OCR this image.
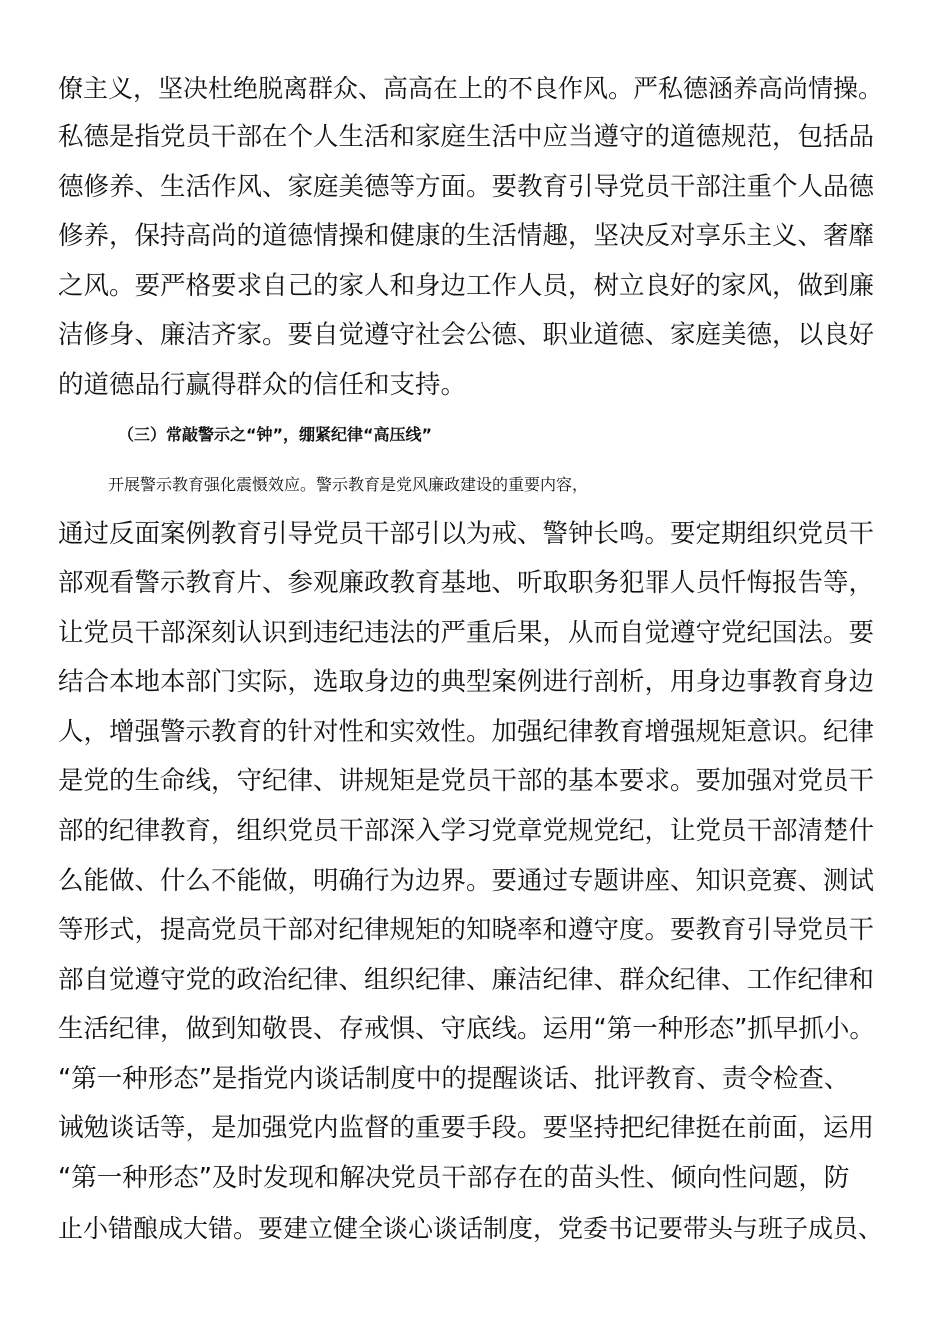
僚主义，坚决杜绝脱离群众、高高在上的不良作风。严私德涵养高尚情操。
私德是指党员干部在个人生活和家庭生活中应当遵守的道德规范，包括品
德修养、生活作风、家庭美德等方面。要教育引导党员干部注重个人品德
修养，保持高尚的道德情操和健康的生活情趣，坚决反对享乐主义、奢靡
之风。要严格要求自己的家人和身边工作人员，树立良好的家风，做到廉
洁修身、廉洁齐家。要自觉遵守社会公德、职业道德、家庭美德，以良好
的道德品行赢得群众的信任和支持。
（三）常敲警示之“钟”，绷紧纪律“高压线”
开展警示教育强化震慑效应。警示教育是党风廉政建设的重要内容，
通过反面案例教育引导党员干部引以为戒、警钟长鸣。要定期组织党员干
部观看警示教育片、参观廉政教育基地、听取职务犯罪人员忏悔报告等，
让党员干部深刻认识到违纪违法的严重后果，从而自觉遵守党纪国法。要
结合本地本部门实际，选取身边的典型案例进行剖析，用身边事教育身边
人，增强警示教育的针对性和实效性。加强纪律教育增强规矩意识。纪律
是党的生命线，守纪律、讲规矩是党员干部的基本要求。要加强对党员干
部的纪律教育，组织党员干部深入学习党章党规党纪，让党员干部清楚什
么能做、什么不能做，明确行为边界。要通过专题讲座、知识竞赛、测试
等形式，提高党员干部对纪律规矩的知晓率和遵守度。要教育引导党员干
部自觉遵守党的政治纪律、组织纪律、廉洁纪律、群众纪律、工作纪律和
生活纪律，做到知敬畏、存戒惧、守底线。运用“第一种形态”抓早抓小。
“第一种形态”是指党内谈话制度中的提醒谈话、批评教育、责令检查、
诫勉谈话等，是加强党内监督的重要手段。要坚持把纪律挺在前面，运用
“第一种形态”及时发现和解决党员干部存在的苗头性、倾向性问题，防
止小错酿成大错。要建立健全谈心谈话制度，党委书记要带头与班子成员、
